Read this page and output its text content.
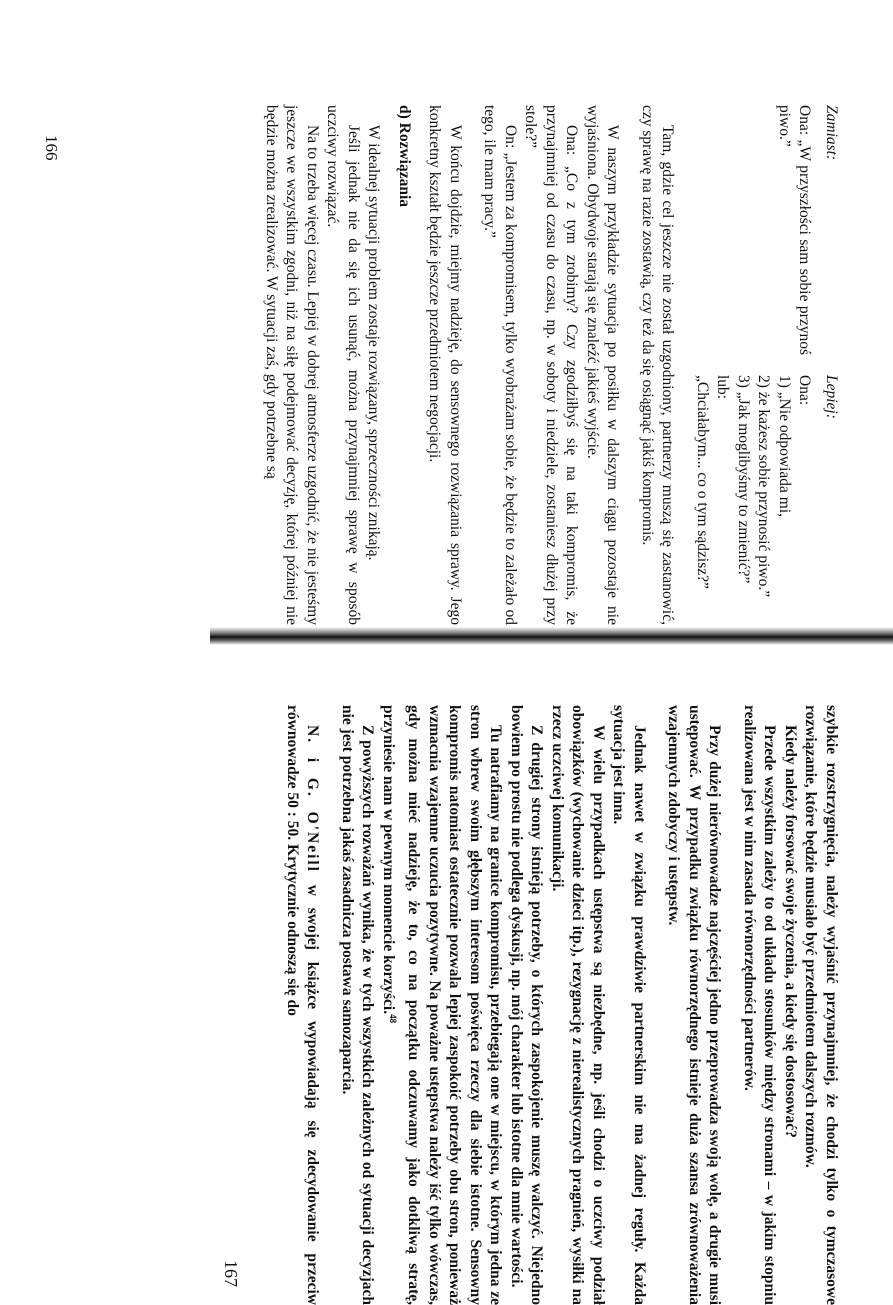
Zamiast:

Ona: „W przyszłości sam sobie przynoś piwo.”

Lepiej:
Ona:
1) „Nie odpowiada mi,
2) że każesz sobie przynosić piwo.”
3) „Jak moglibyśmy to zmienić?”
lub:
„Chciałabym... co o tym sądzisz?”

Tam, gdzie cel jeszcze nie został uzgodniony, partnerzy muszą się zastanowić, czy sprawę na razie zostawią, czy też da się osiągnąć jakiś kompromis.

W naszym przykładzie sytuacja po posiłku w dalszym ciągu pozostaje nie wyjaśniona. Obydwoje starają się znaleźć jakieś wyjście.

Ona: „Co z tym zrobimy? Czy zgodziłbyś się na taki kompromis, że przynajmniej od czasu do czasu, np. w soboty i niedziele, zostaniesz dłużej przy stole?”

On: „Jestem za kompromisem, tylko wyobrażam sobie, że będzie to zależało od tego, ile mam pracy.”

W końcu dojdzie, miejmy nadzieję, do sensownego rozwiązania sprawy. Jego konkretny kształt będzie jeszcze przedmiotem negocjacji.

d) Rozwiązania

W idealnej sytuacji problem zostaje rozwiązany, sprzeczności znikają.

Jeśli jednak nie da się ich usunąć, można przynajmniej sprawę w sposób uczciwy rozwiązać.

Na to trzeba więcej czasu. Lepiej w dobrej atmosferze uzgodnić, że nie jesteśmy jeszcze we wszystkim zgodni, niż na siłę podejmować decyzję, której później nie będzie można zrealizować. W sytuacji zaś, gdy potrzebne są

166

szybkie rozstrzygnięcia, należy wyjaśnić przynajmniej, że chodzi tylko o tymczasowe rozwiązanie, które będzie musiało być przedmiotem dalszych rozmów.

Kiedy należy forsować swoje życzenia, a kiedy się dostosować?

Przede wszystkim zależy to od układu stosunków między stronami – w jakim stopniu realizowana jest w nim zasada równorzędności partnerów.

Przy dużej nierównowadze najczęściej jedno przeprowadza swoją wolę, a drugie musi ustępować. W przypadku związku równorzędnego istnieje duża szansa zrównoważenia wzajemnych zdobyczy i ustępstw.

Jednak nawet w związku prawdziwie partnerskim nie ma żadnej reguły. Każda sytuacja jest inna.

W wielu przypadkach ustępstwa są niezbędne, np. jeśli chodzi o uczciwy podział obowiązków (wychowanie dzieci itp.), rezygnację z nierealistycznych pragnień, wysiłki na rzecz uczciwej komunikacji.

Z drugiej strony istnieją potrzeby, o których zaspokojenie muszę walczyć. Niejedno bowiem po prostu nie podlega dyskusji, np. mój charakter lub istotne dla mnie wartości.

Tu natrafiamy na granice kompromisu, przebiegają one w miejscu, w którym jedna ze stron wbrew swoim głębszym interesom poświęca rzeczy dla siebie istotne. Sensowny kompromis natomiast ostatecznie pozwala lepiej zaspokoić potrzeby obu stron, ponieważ wzmacnia wzajemne uczucia pozytywne. Na poważne ustępstwa należy iść tylko wówczas, gdy można mieć nadzieję, że to, co na początku odczuwamy jako dotkliwą stratę, przyniesie nam w pewnym momencie korzyści.$^{48}$

Z powyższych rozważań wynika, że w tych wszystkich zależnych od sytuacji decyzjach nie jest potrzebna jakaś zasadnicza postawa samozaparcia.

N. i G. O'Neill w swojej książce wypowiadają się zdecydowanie przeciw równowadze 50 : 50. Krytycznie odnoszą się do

167
